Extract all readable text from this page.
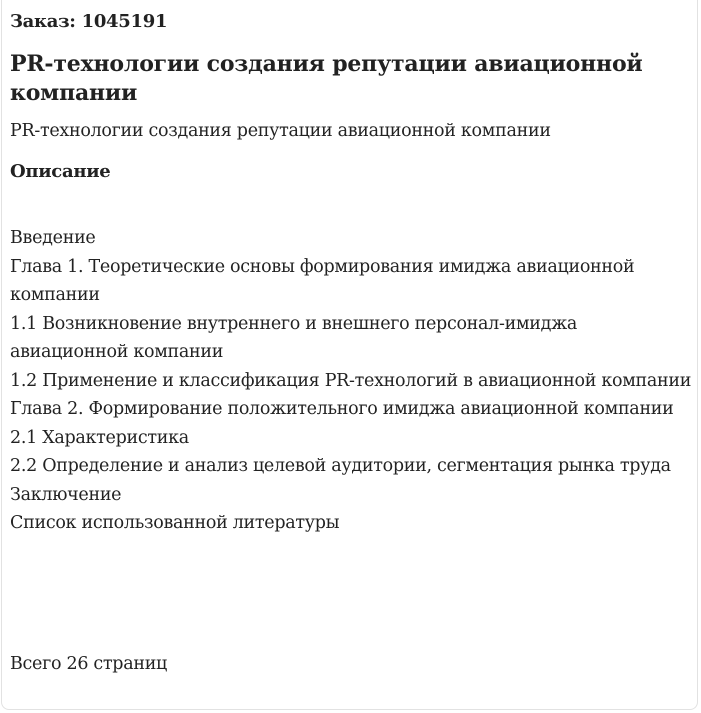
Заказ: 1045191
PR-технологии создания репутации авиационной компании
PR-технологии создания репутации авиационной компании
Описание
Введение
Глава 1. Теоретические основы формирования имиджа авиационной компании
1.1 Возникновение внутреннего и внешнего персонал-имиджа авиационной компании
1.2 Применение и классификация PR-технологий в авиационной компании
Глава 2. Формирование положительного имиджа авиационной компании
2.1 Характеристика
2.2 Определение и анализ целевой аудитории, сегментация рынка труда
Заключение
Список использованной литературы
Всего 26 страниц
